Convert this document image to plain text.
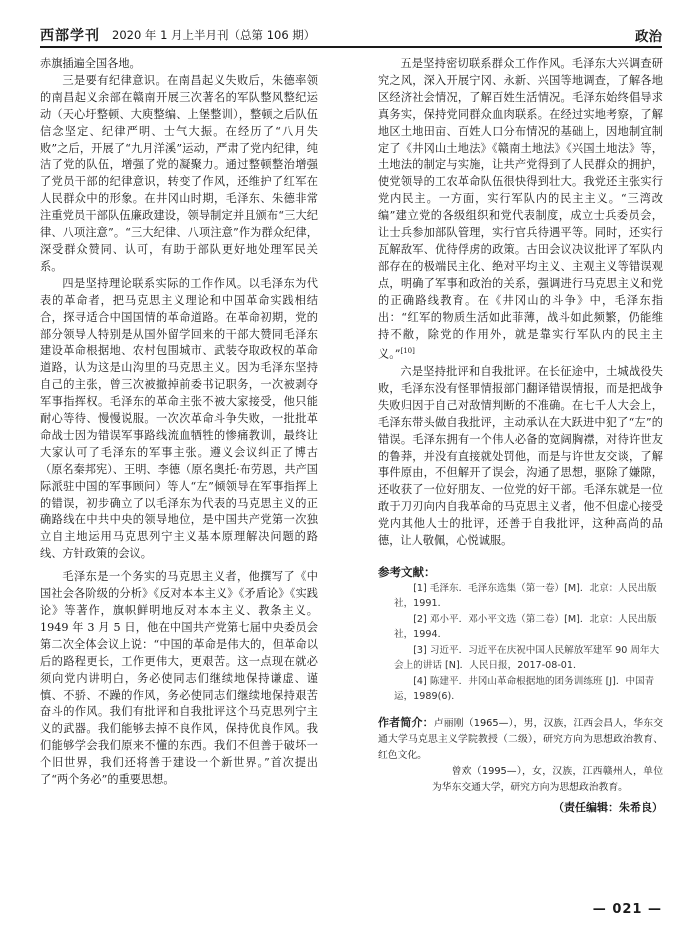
西部学刊 2020 年 1 月上半月刊（总第 106 期）	政治

赤旗插遍全国各地。

三是要有纪律意识。在南昌起义失败后，朱德率领的南昌起义余部在赣南开展三次著名的军队整风整纪运动（天心圩整顿、大庾整编、上堡整训），整顿之后队伍信念坚定、纪律严明、士气大振。在经历了“八月失败”之后，开展了“九月洋溪”运动，严肃了党内纪律，纯洁了党的队伍，增强了党的凝聚力。通过整顿整治增强了党员干部的纪律意识，转变了作风，还维护了红军在人民群众中的形象。在井冈山时期，毛泽东、朱德非常注重党员干部队伍廉政建设，领导制定并且颁布“三大纪律、八项注意”。“三大纪律、八项注意”作为群众纪律，深受群众赞同、认可，有助于部队更好地处理军民关系。

四是坚持理论联系实际的工作作风。以毛泽东为代表的革命者，把马克思主义理论和中国革命实践相结合，探寻适合中国国情的革命道路。在革命初期，党的部分领导人特别是从国外留学回来的干部大赞同毛泽东建设革命根据地、农村包围城市、武装夺取政权的革命道路，认为这是山沟里的马克思主义。因为毛泽东坚持自己的主张，曾三次被撤掉前委书记职务，一次被剥夺军事指挥权。毛泽东的革命主张不被大家接受，他只能耐心等待、慢慢说服。一次次革命斗争失败，一批批革命战士因为错误军事路线流血牺牲的惨痛教训，最终让大家认可了毛泽东的军事主张。遵义会议纠正了博古（原名秦邦宪）、王明、李德（原名奥托·布劳恩，共产国际派驻中国的军事顾问）等人“左”倾领导在军事指挥上的错误，初步确立了以毛泽东为代表的马克思主义的正确路线在中共中央的领导地位，是中国共产党第一次独立自主地运用马克思列宁主义基本原理解决问题的路线、方针政策的会议。

毛泽东是一个务实的马克思主义者，他撰写了《中国社会各阶级的分析》《反对本本主义》《矛盾论》《实践论》等著作，旗帜鲜明地反对本本主义、教条主义。1949 年 3 月 5 日，他在中国共产党第七届中央委员会第二次全体会议上说：“中国的革命是伟大的，但革命以后的路程更长，工作更伟大，更艰苦。这一点现在就必须向党内讲明白，务必使同志们继续地保持谦虚、谨慎、不骄、不躁的作风，务必使同志们继续地保持艰苦奋斗的作风。我们有批评和自我批评这个马克思列宁主义的武器。我们能够去掉不良作风，保持优良作风。我们能够学会我们原来不懂的东西。我们不但善于破坏一个旧世界，我们还将善于建设一个新世界。”首次提出了“两个务必”的重要思想。

五是坚持密切联系群众工作作风。毛泽东大兴调查研究之风，深入开展宁冈、永新、兴国等地调查，了解各地区经济社会情况，了解百姓生活情况。毛泽东始终倡导求真务实，保持党同群众血肉联系。在经过实地考察，了解地区土地田亩、百姓人口分布情况的基础上，因地制宜制定了《井冈山土地法》《赣南土地法》《兴国土地法》等，土地法的制定与实施，让共产党得到了人民群众的拥护，使党领导的工农革命队伍很快得到壮大。我党还主张实行党内民主。一方面，实行军队内的民主主义。“三湾改编”建立党的各级组织和党代表制度，成立士兵委员会，让士兵参加部队管理，实行官兵待遇平等。同时，还实行瓦解敌军、优待俘虏的政策。古田会议决议批评了军队内部存在的极端民主化、绝对平均主义、主观主义等错误观点，明确了军事和政治的关系，强调进行马克思主义和党的正确路线教育。在《井冈山的斗争》中，毛泽东指出：“红军的物质生活如此菲薄，战斗如此频繁，仍能维持不敝，除党的作用外，就是靠实行军队内的民主主义。”[10]

六是坚持批评和自我批评。在长征途中，土城战役失败，毛泽东没有怪罪情报部门翻译错误情报，而是把战争失败归因于自己对敌情判断的不准确。在七千人大会上，毛泽东带头做自我批评，主动承认在大跃进中犯了“左”的错误。毛泽东拥有一个伟人必备的宽阔胸襟，对待许世友的鲁莽，并没有直接就处罚他，而是与许世友交谈，了解事件原由，不但解开了误会，沟通了思想，驱除了嫌隙，还收获了一位好朋友、一位党的好干部。毛泽东就是一位敢于刀刃向内自我革命的马克思主义者，他不但虚心接受党内其他人士的批评，还善于自我批评，这种高尚的品德，让人敬佩，心悦诚服。

参考文献：

[1] 毛泽东．毛泽东选集（第一卷）[M]．北京：人民出版社，1991．

[2] 邓小平．邓小平文选（第二卷）[M]．北京：人民出版社，1994．

[3] 习近平．习近平在庆祝中国人民解放军建军 90 周年大会上的讲话 [N]．人民日报，2017-08-01．

[4] 陈建平．井冈山革命根据地的团务训练班 [J]．中国青运，1989(6)．

作者简介：卢丽刚（1965—），男，汉族，江西会昌人，华东交通大学马克思主义学院教授（二级），研究方向为思想政治教育、红色文化。

曾欢（1995—），女，汉族，江西赣州人，单位为华东交通大学，研究方向为思想政治教育。

（责任编辑：朱希良）
— 021 —
